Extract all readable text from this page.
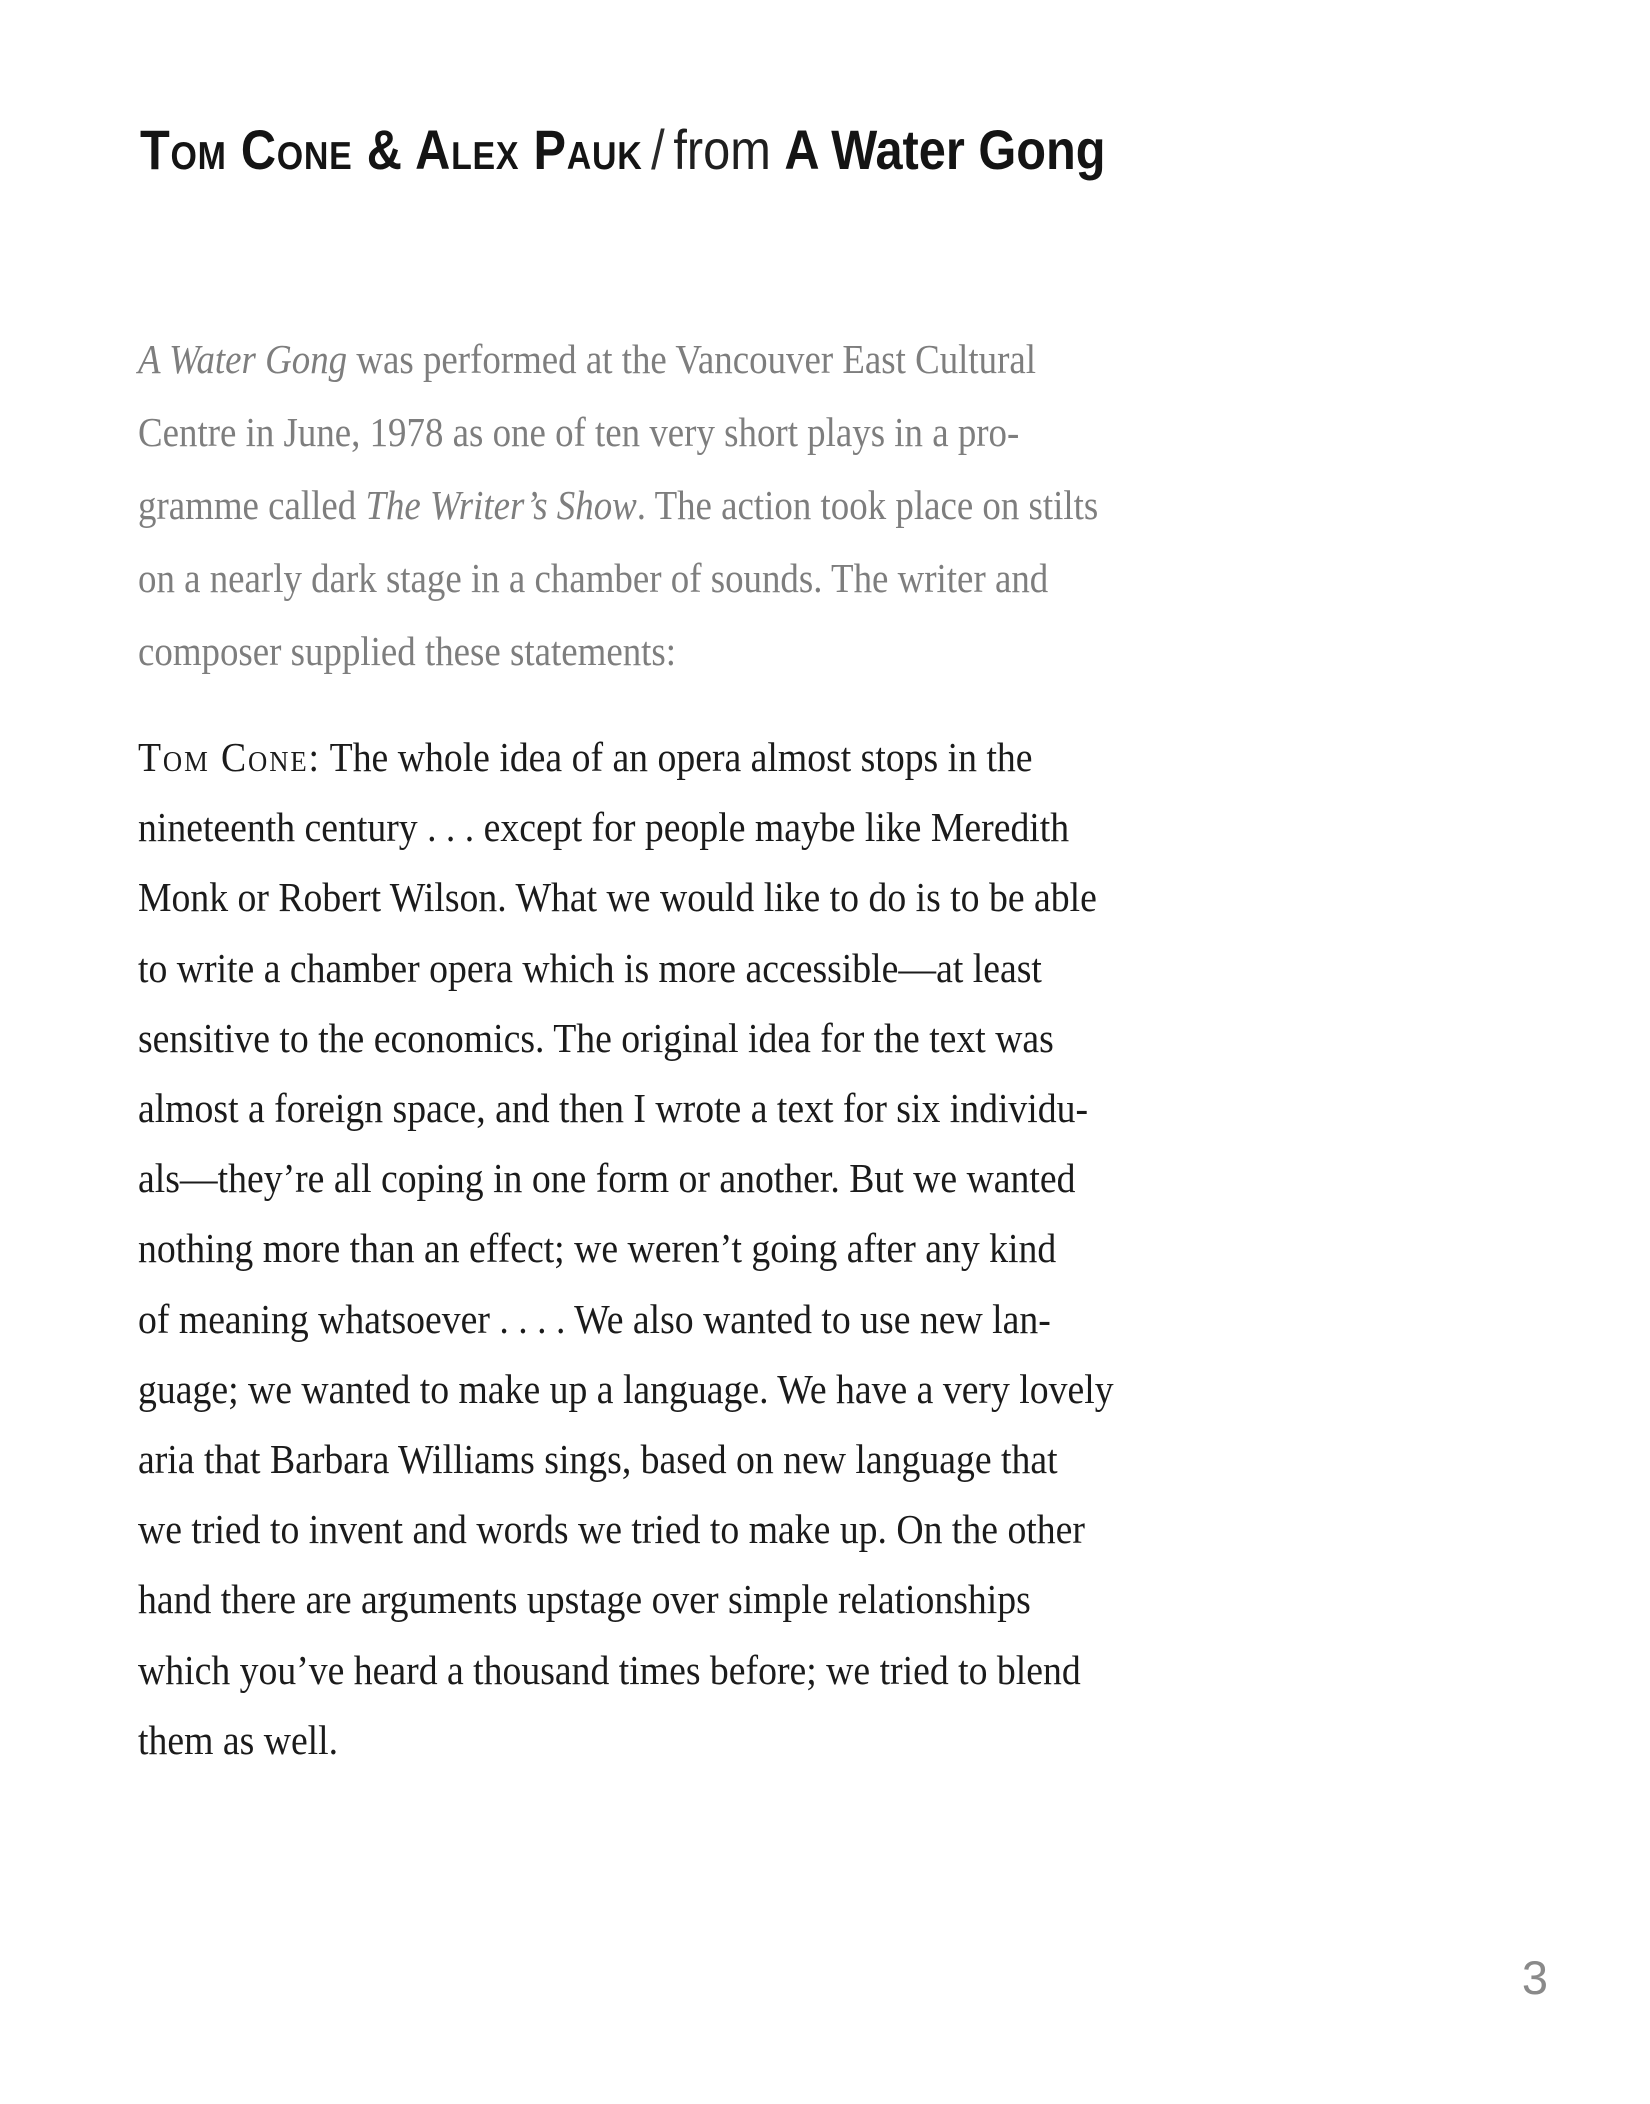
Tom Cone & Alex Pauk / from A Water Gong
A Water Gong was performed at the Vancouver East Cultural
Centre in June, 1978 as one of ten very short plays in a pro-
gramme called The Writer’s Show. The action took place on stilts
on a nearly dark stage in a chamber of sounds. The writer and
composer supplied these statements:
Tom Cone: The whole idea of an opera almost stops in the
nineteenth century . . . except for people maybe like Meredith
Monk or Robert Wilson. What we would like to do is to be able
to write a chamber opera which is more accessible—at least
sensitive to the economics. The original idea for the text was
almost a foreign space, and then I wrote a text for six individu-
als—they’re all coping in one form or another. But we wanted
nothing more than an effect; we weren’t going after any kind
of meaning whatsoever . . . . We also wanted to use new lan-
guage; we wanted to make up a language. We have a very lovely
aria that Barbara Williams sings, based on new language that
we tried to invent and words we tried to make up. On the other
hand there are arguments upstage over simple relationships
which you’ve heard a thousand times before; we tried to blend
them as well.
3
